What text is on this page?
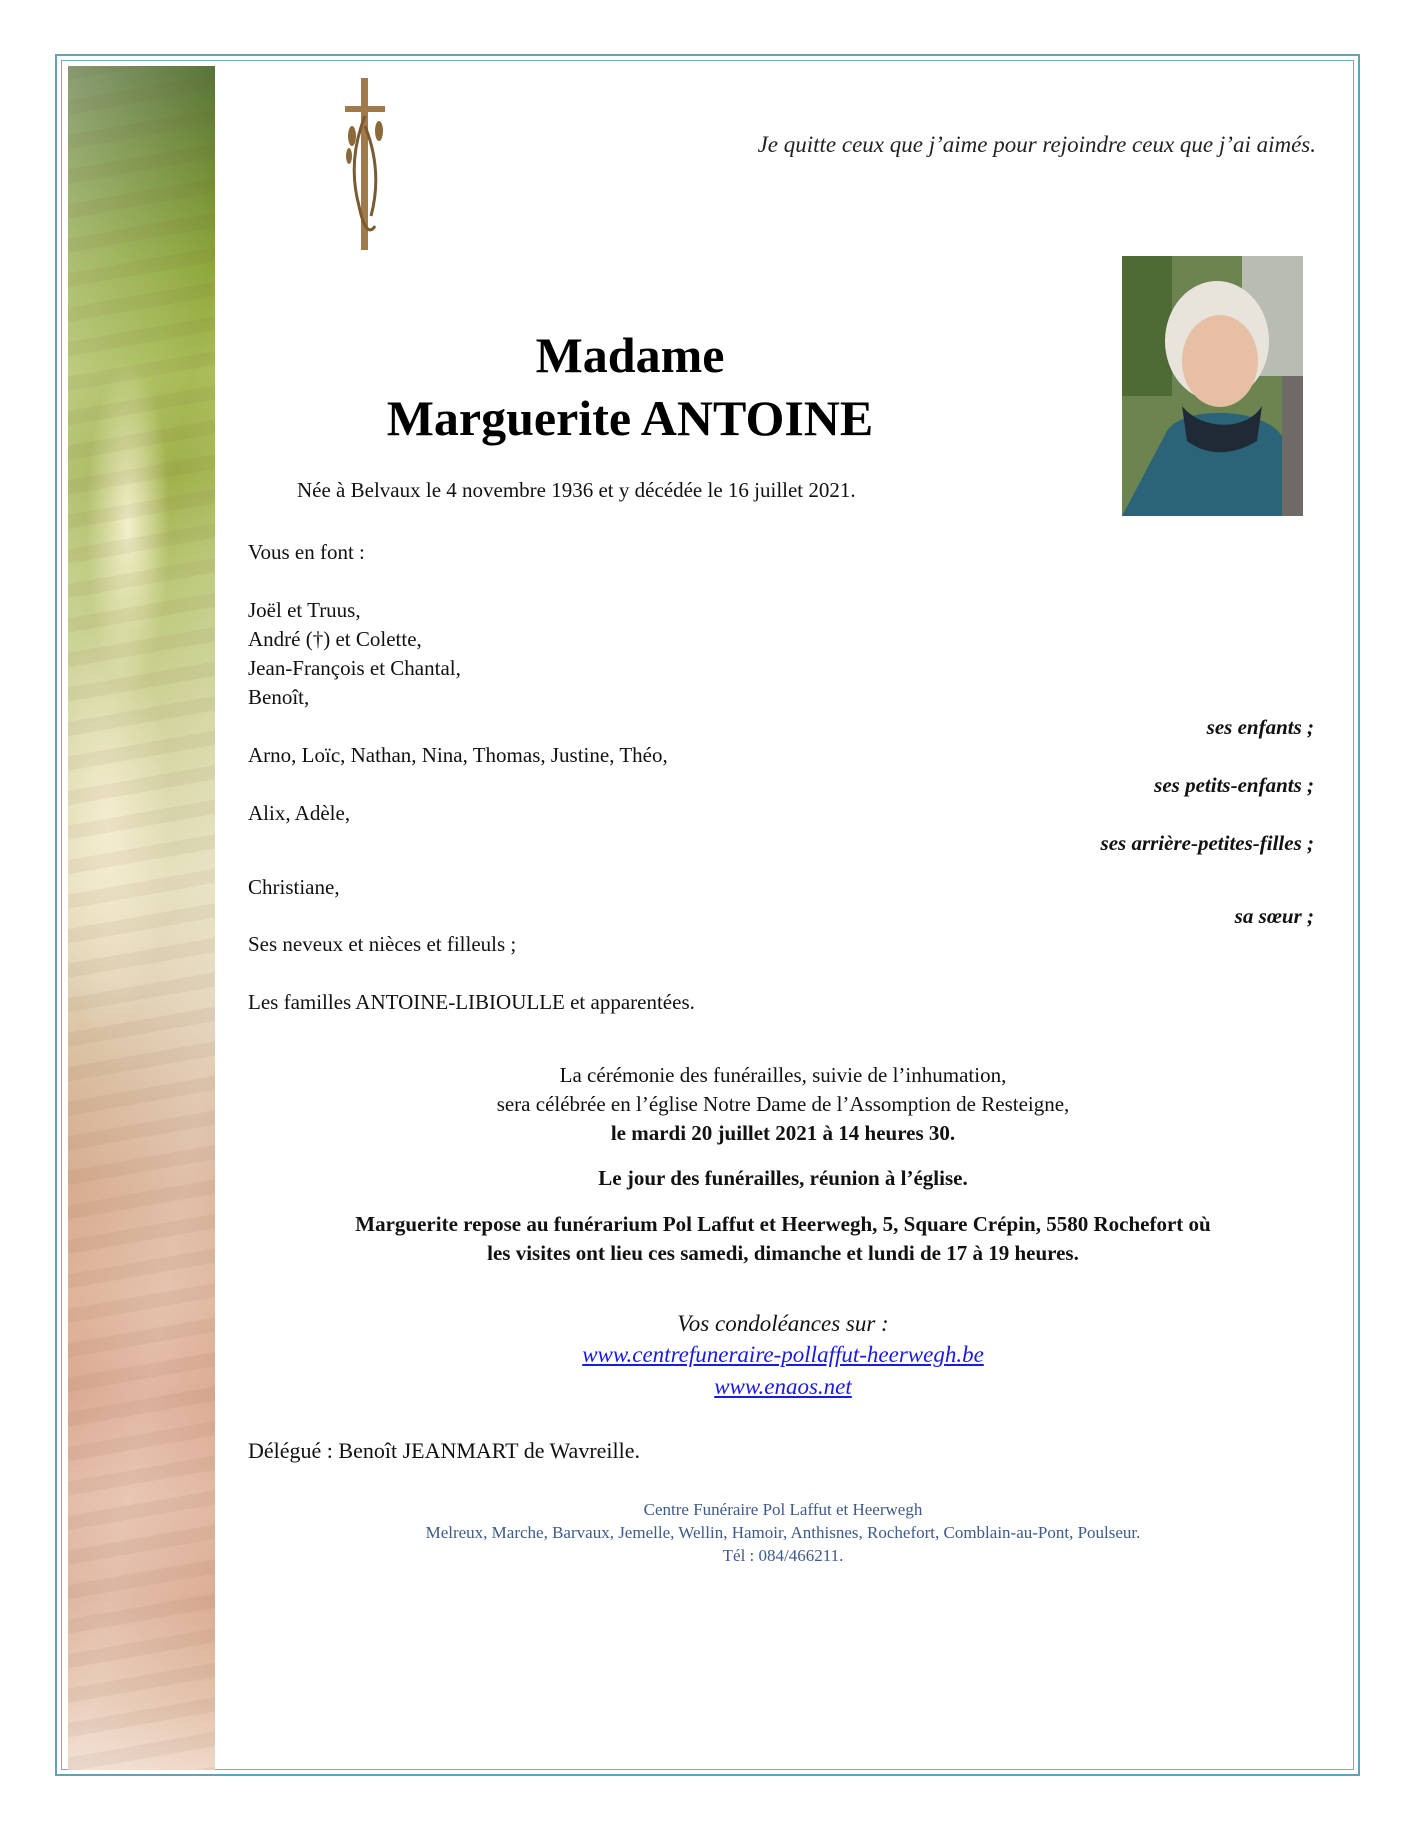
Je quitte ceux que j’aime pour rejoindre ceux que j’ai aimés.
Madame
Marguerite ANTOINE
Née à Belvaux le 4 novembre 1936 et y décédée le 16 juillet 2021.
Vous en font :
Joël et Truus,
André (†) et Colette,
Jean-François et Chantal,
Benoît,
ses enfants ;
Arno, Loïc, Nathan, Nina, Thomas, Justine, Théo,
ses petits-enfants ;
Alix, Adèle,
ses arrière-petites-filles ;
Christiane,
sa sœur ;
Ses neveux et nièces et filleuls ;
Les familles ANTOINE-LIBIOULLE et apparentées.
La cérémonie des funérailles, suivie de l’inhumation,
sera célébrée en l’église Notre Dame de l’Assomption de Resteigne,
le mardi 20 juillet 2021 à 14 heures 30.
Le jour des funérailles, réunion à l’église.
Marguerite repose au funérarium Pol Laffut et Heerwegh, 5, Square Crépin, 5580 Rochefort où
les visites ont lieu ces samedi, dimanche et lundi de 17 à 19 heures.
Vos condoléances sur :
www.centrefuneraire-pollaffut-heerwegh.be
www.enaos.net
Délégué : Benoît JEANMART de Wavreille.
Centre Funéraire Pol Laffut et Heerwegh
Melreux, Marche, Barvaux, Jemelle, Wellin, Hamoir, Anthisnes, Rochefort, Comblain-au-Pont, Poulseur.
Tél : 084/466211.
